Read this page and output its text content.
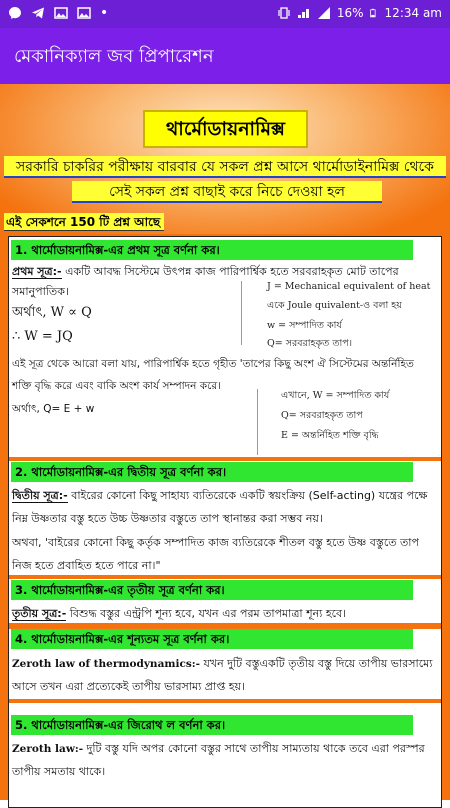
•	16% 12:34 am
মেকানিক্যাল জব প্রিপারেশন
থার্মোডায়নামিক্স
সরকারি চাকরির পরীক্ষায় বারবার যে সকল প্রশ্ন আসে থার্মোডাইনামিক্স থেকে
সেই সকল প্রশ্ন বাছাই করে নিচে দেওয়া হল
এই সেকশনে 150 টি প্রশ্ন আছে
1. থার্মোডায়নামিক্স-এর প্রথম সূত্র বর্ণনা কর।
প্রথম সূত্র:- একটি আবদ্ধ সিস্টেমে উৎপন্ন কাজ পারিপার্শ্বিক হতে সরবরাহকৃত মোট তাপের
সমানুপাতিক।	J = Mechanical equivalent of heat
একে Joule quivalent-ও বলা হয়
অর্থাৎ, W ∝ Q
w = সম্পাদিত কার্য
∴ W = JQ	Q= সরবরাহকৃত তাপ।
এই সূত্র থেকে আরো বলা যায়, পারিপার্শ্বিক হতে গৃহীত 'তাপের কিছু অংশ ঐ সিস্টেমের অন্তর্নিহিত
শক্তি বৃদ্ধি করে এবং বাকি অংশ কার্য সম্পাদন করে।
অর্থাৎ, Q= E + w
এখানে, W = সম্পাদিত কার্য
Q= সরবরাহকৃত তাপ
E = অন্তর্নিহিত শক্তি বৃদ্ধি
2. থার্মোডায়নামিক্স-এর দ্বিতীয় সূত্র বর্ণনা কর।
দ্বিতীয় সূত্র:- বাইরের কোনো কিছু সাহায্য ব্যতিরেকে একটি স্বয়ংক্রিয় (Self-acting) যন্ত্রের পক্ষে
নিম্ন উষ্ণতার বস্তু হতে উচ্চ উষ্ণতার বস্তুতে তাপ স্থানান্তর করা সম্ভব নয়।
অথবা, 'বাইরের কোনো কিছু কর্তৃক সম্পাদিত কাজ ব্যতিরেকে শীতল বস্তু হতে উষ্ণ বস্তুতে তাপ
নিজ হতে প্রবাহিত হতে পারে না।"
3. থার্মোডায়নামিক্স-এর তৃতীয় সূত্র বর্ণনা কর।
তৃতীয় সূত্র:- বিশুদ্ধ বস্তুর এন্ট্রপি শূন্য হবে, যখন এর পরম তাপমাত্রা শূন্য হবে।
4. থার্মোডায়নামিক্স-এর শূন্যতম সূত্র বর্ণনা কর।
Zeroth law of thermodynamics:- যখন দুটি বস্তুএকটি তৃতীয় বস্তু দিয়ে তাপীয় ভারসাম্যে
আসে তখন এরা প্রত্যেকেই তাপীয় ভারসাম্য প্রাপ্ত হয়।
5. থার্মোডায়নামিক্স-এর জিরোথ ল বর্ণনা কর।
Zeroth law:- দুটি বস্তু যদি অপর কোনো বস্তুর সাথে তাপীয় সাম্যতায় থাকে তবে এরা পরস্পর
তাপীয় সমতায় থাকে।
